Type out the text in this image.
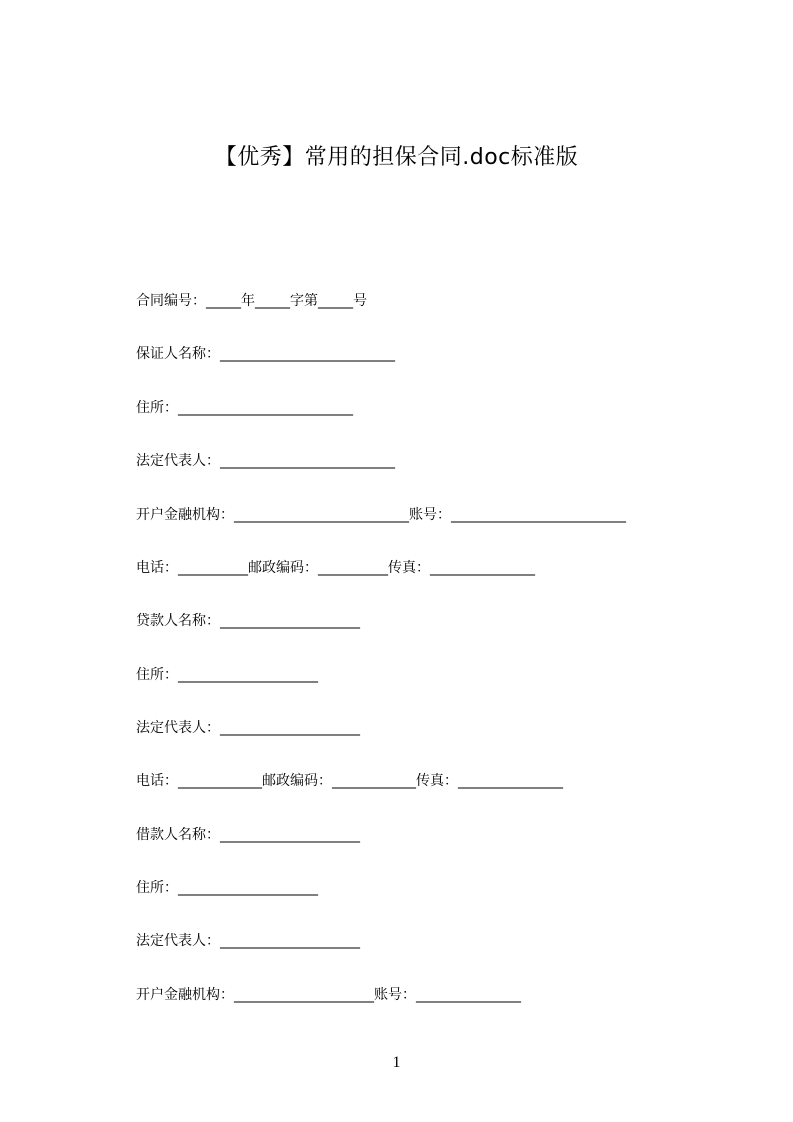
【优秀】常用的担保合同.doc标准版
合同编号：_____年_____字第_____号
保证人名称：_________________________
住所：_________________________
法定代表人：_________________________
开户金融机构：_________________________账号：_________________________
电话：__________邮政编码：__________传真：_______________
贷款人名称：____________________
住所：____________________
法定代表人：____________________
电话：____________邮政编码：____________传真：_______________
借款人名称：____________________
住所：____________________
法定代表人：____________________
开户金融机构：____________________账号：_______________
1
